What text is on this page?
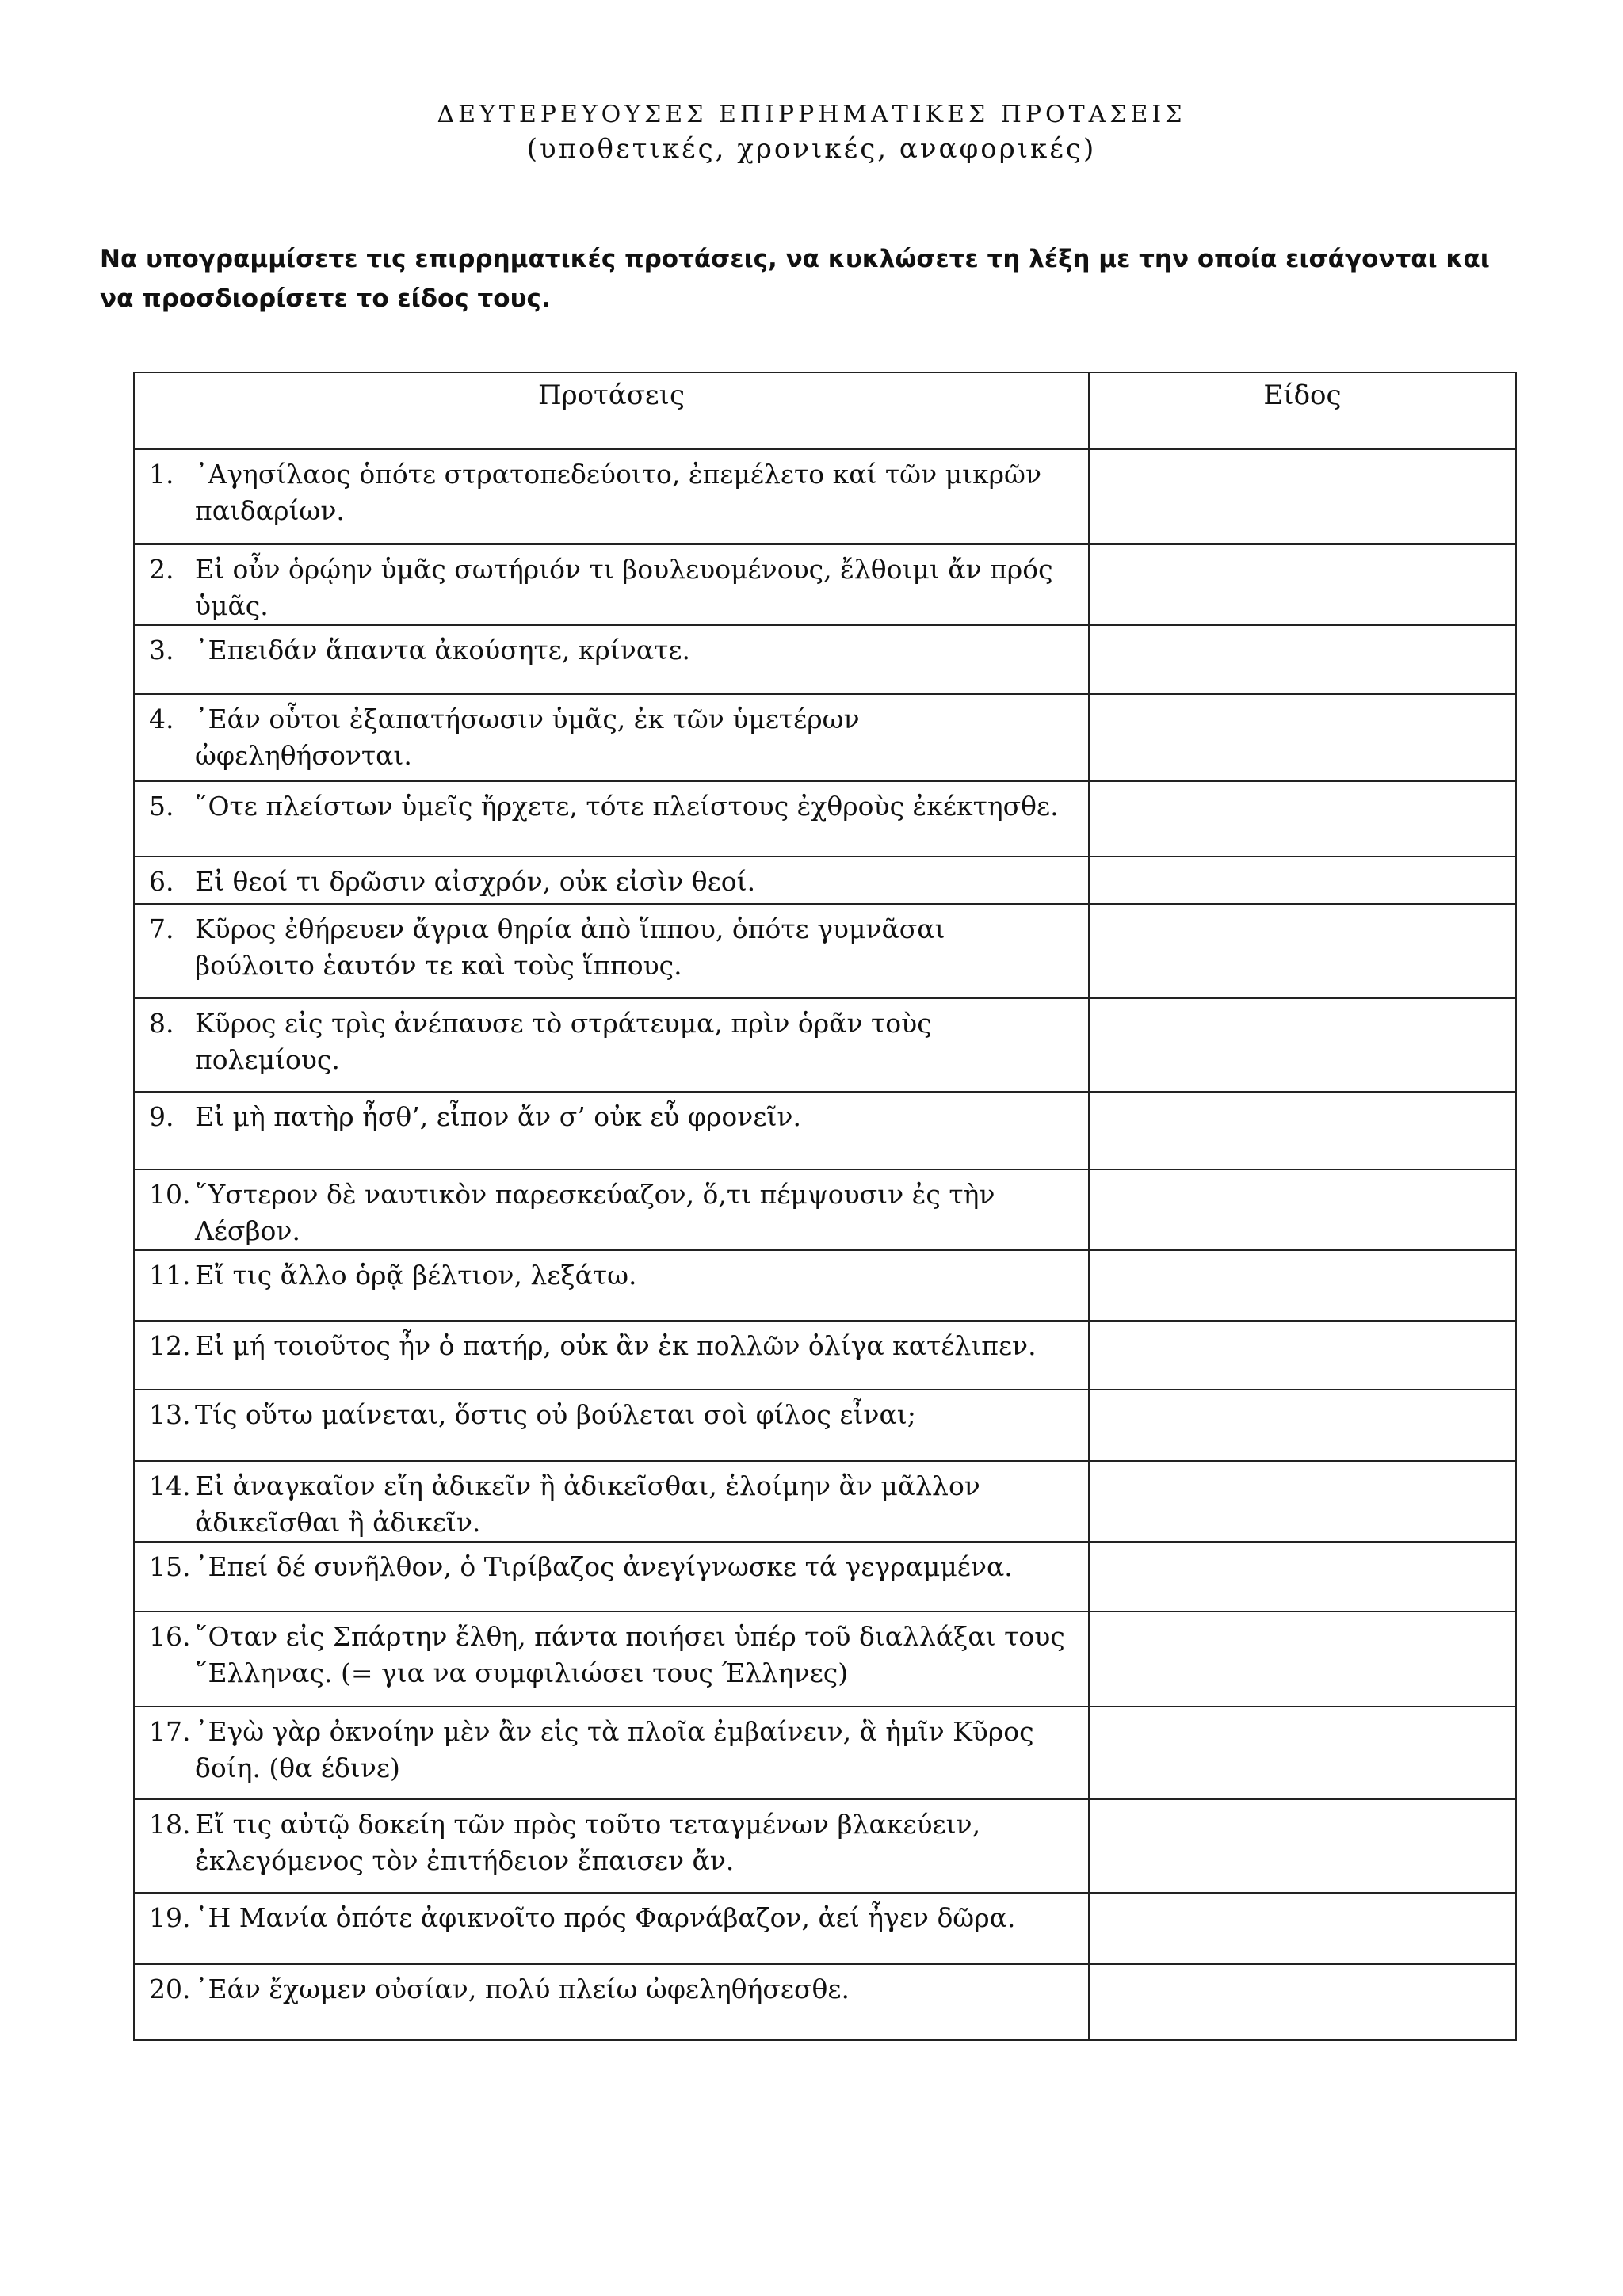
ΔΕΥΤΕΡΕΥΟΥΣΕΣ ΕΠΙΡΡΗΜΑΤΙΚΕΣ ΠΡΟΤΑΣΕΙΣ
(υποθετικές, χρονικές, αναφορικές)
Να υπογραμμίσετε τις επιρρηματικές προτάσεις, να κυκλώσετε τη λέξη με την οποία εισάγονται και να προσδιορίσετε το είδος τους.
Προτάσεις	Είδος
1. ᾿Αγησίλαος ὁπότε στρατοπεδεύοιτο, ἐπεμέλετο καί τῶν μικρῶν παιδαρίων.	
2. Εἰ οὖν ὁρῴην ὑμᾶς σωτήριόν τι βουλευομένους, ἔλθοιμι ἄν πρός ὑμᾶς.	
3. ᾿Επειδάν ἅπαντα ἀκούσητε, κρίνατε.	
4. ᾿Εάν οὗτοι ἐξαπατήσωσιν ὑμᾶς, ἐκ τῶν ὑμετέρων ὠφεληθήσονται.	
5. ῞Οτε πλείστων ὑμεῖς ἤρχετε, τότε πλείστους ἐχθροὺς ἐκέκτησθε.	
6. Εἰ θεοί τι δρῶσιν αἰσχρόν, οὐκ εἰσὶν θεοί.	
7. Κῦρος ἐθήρευεν ἄγρια θηρία ἀπὸ ἵππου, ὁπότε γυμνᾶσαι βούλοιτο ἑαυτόν τε καὶ τοὺς ἵππους.	
8. Κῦρος εἰς τρὶς ἀνέπαυσε τὸ στράτευμα, πρὶν ὁρᾶν τοὺς πολεμίους.	
9. Εἰ μὴ πατὴρ ἦσθ’, εἶπον ἄν σ’ οὐκ εὖ φρονεῖν.	
10. ῞Υστερον δὲ ναυτικὸν παρεσκεύαζον, ὅ,τι πέμψουσιν ἐς τὴν Λέσβον.	
11. Εἴ τις ἄλλο ὁρᾷ βέλτιον, λεξάτω.	
12. Εἰ μή τοιοῦτος ἦν ὁ πατήρ, οὐκ ἂν ἐκ πολλῶν ὀλίγα κατέλιπεν.	
13. Τίς οὕτω μαίνεται, ὅστις οὐ βούλεται σοὶ φίλος εἶναι;	
14. Εἰ ἀναγκαῖον εἴη ἀδικεῖν ἢ ἀδικεῖσθαι, ἑλοίμην ἂν μᾶλλον ἀδικεῖσθαι ἢ ἀδικεῖν.	
15. ᾿Επεί δέ συνῆλθον, ὁ Τιρίβαζος ἀνεγίγνωσκε τά γεγραμμένα.	
16. ῞Οταν εἰς Σπάρτην ἔλθη, πάντα ποιήσει ὑπέρ τοῦ διαλλάξαι τους ῞Ελληνας. (= για να συμφιλιώσει τους Έλληνες)	
17. ᾿Εγὼ γὰρ ὀκνοίην μὲν ἂν εἰς τὰ πλοῖα ἐμβαίνειν, ἃ ἡμῖν Κῦρος δοίη. (θα έδινε)	
18. Εἴ τις αὐτῷ δοκείη τῶν πρὸς τοῦτο τεταγμένων βλακεύειν, ἐκλεγόμενος τὸν ἐπιτήδειον ἔπαισεν ἄν.	
19. ῾Η Μανία ὁπότε ἀφικνοῖτο πρός Φαρνάβαζον, ἀεί ἦγεν δῶρα.	
20. ᾿Εάν ἔχωμεν οὐσίαν, πολύ πλείω ὠφεληθήσεσθε.	
